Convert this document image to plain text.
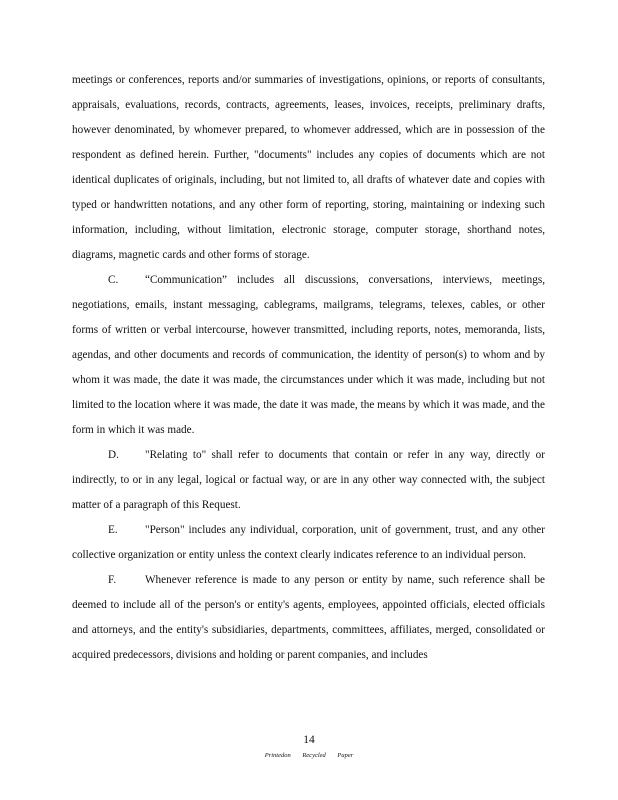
meetings or conferences, reports and/or summaries of investigations, opinions, or reports of consultants, appraisals, evaluations, records, contracts, agreements, leases, invoices, receipts, preliminary drafts, however denominated, by whomever prepared, to whomever addressed, which are in possession of the respondent as defined herein. Further, "documents" includes any copies of documents which are not identical duplicates of originals, including, but not limited to, all drafts of whatever date and copies with typed or handwritten notations, and any other form of reporting, storing, maintaining or indexing such information, including, without limitation, electronic storage, computer storage, shorthand notes, diagrams, magnetic cards and other forms of storage.

C. “Communication” includes all discussions, conversations, interviews, meetings, negotiations, emails, instant messaging, cablegrams, mailgrams, telegrams, telexes, cables, or other forms of written or verbal intercourse, however transmitted, including reports, notes, memoranda, lists, agendas, and other documents and records of communication, the identity of person(s) to whom and by whom it was made, the date it was made, the circumstances under which it was made, including but not limited to the location where it was made, the date it was made, the means by which it was made, and the form in which it was made.

D. "Relating to" shall refer to documents that contain or refer in any way, directly or indirectly, to or in any legal, logical or factual way, or are in any other way connected with, the subject matter of a paragraph of this Request.

E. "Person" includes any individual, corporation, unit of government, trust, and any other collective organization or entity unless the context clearly indicates reference to an individual person.

F.	Whenever reference is made to any person or entity by name, such reference shall be deemed to include all of the person's or entity's agents, employees, appointed officials, elected officials and attorneys, and the entity's subsidiaries, departments, committees, affiliates, merged, consolidated or acquired predecessors, divisions and holding or parent companies, and includes

14
Printedon Recycled Paper
